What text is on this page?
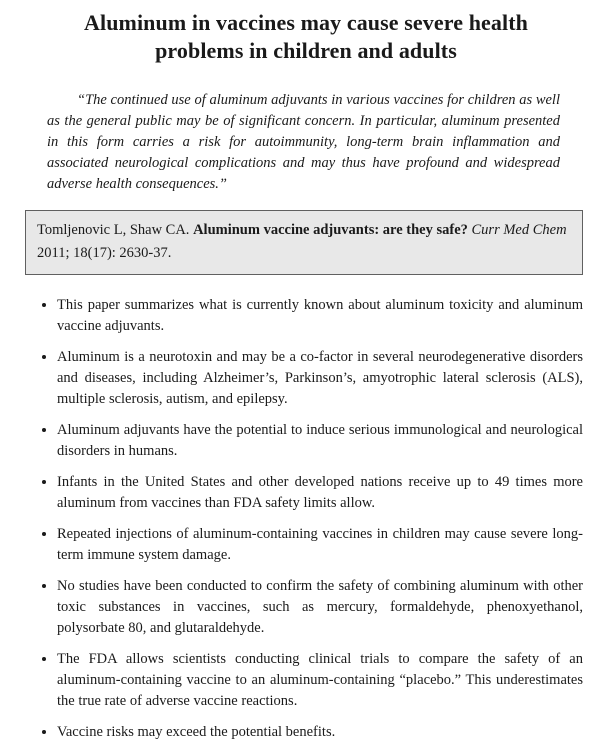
Aluminum in vaccines may cause severe health problems in children and adults

“The continued use of aluminum adjuvants in various vaccines for children as well as the general public may be of significant concern. In particular, aluminum presented in this form carries a risk for autoimmunity, long-term brain inflammation and associated neurological complications and may thus have profound and widespread adverse health consequences.”

Tomljenovic L, Shaw CA. Aluminum vaccine adjuvants: are they safe? Curr Med Chem 2011; 18(17): 2630-37.
• This paper summarizes what is currently known about aluminum toxicity and aluminum vaccine adjuvants.
• Aluminum is a neurotoxin and may be a co-factor in several neurodegenerative disorders and diseases, including Alzheimer’s, Parkinson’s, amyotrophic lateral sclerosis (ALS), multiple sclerosis, autism, and epilepsy.
• Aluminum adjuvants have the potential to induce serious immunological and neurological disorders in humans.
• Infants in the United States and other developed nations receive up to 49 times more aluminum from vaccines than FDA safety limits allow.
• Repeated injections of aluminum-containing vaccines in children may cause severe long-term immune system damage.
• No studies have been conducted to confirm the safety of combining aluminum with other toxic substances in vaccines, such as mercury, formaldehyde, phenoxyethanol, polysorbate 80, and glutaraldehyde.
• The FDA allows scientists conducting clinical trials to compare the safety of an aluminum-containing vaccine to an aluminum-containing “placebo.” This underestimates the true rate of adverse vaccine reactions.
• Vaccine risks may exceed the potential benefits.
